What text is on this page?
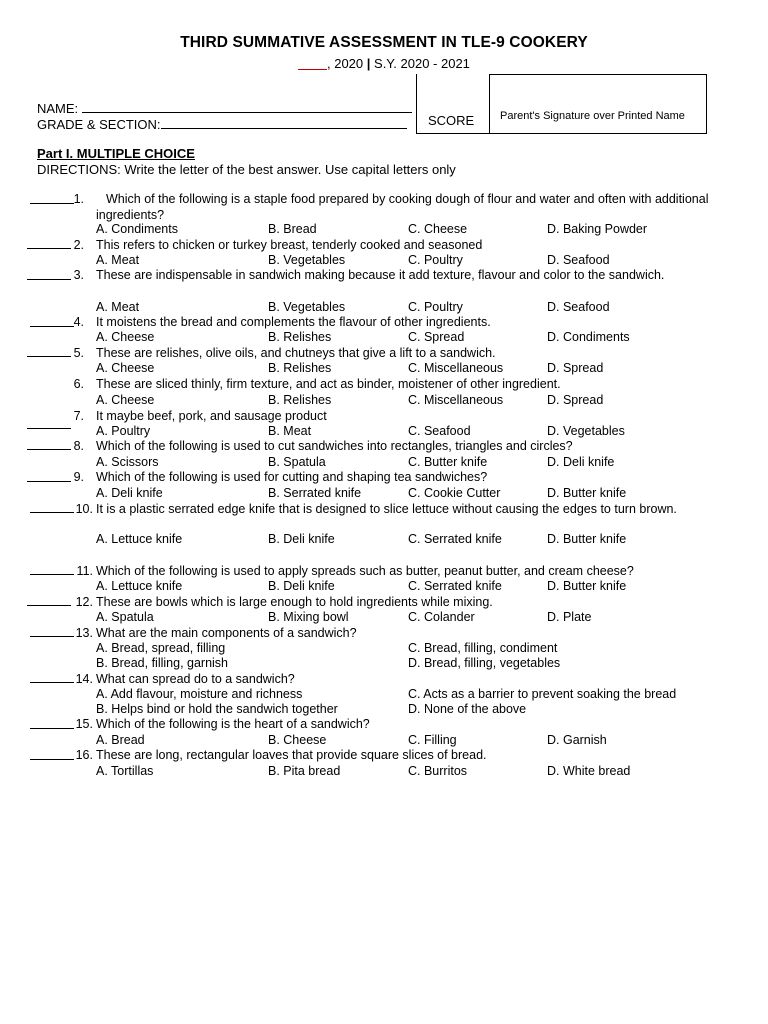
THIRD SUMMATIVE ASSESSMENT IN TLE-9 COOKERY
____, 2020 | S.Y. 2020 - 2021
NAME:
GRADE & SECTION:	SCORE Parent's Signature over Printed Name
Part I. MULTIPLE CHOICE
DIRECTIONS: Write the letter of the best answer. Use capital letters only
1.	Which of the following is a staple food prepared by cooking dough of flour and water and often with additional ingredients?
A. Condiments	B. Bread	C. Cheese	D. Baking Powder
2. This refers to chicken or turkey breast, tenderly cooked and seasoned
A. Meat	B. Vegetables	C. Poultry	D. Seafood
3. These are indispensable in sandwich making because it add texture, flavour and color to the sandwich.
A. Meat	B. Vegetables	C. Poultry	D. Seafood
4. It moistens the bread and complements the flavour of other ingredients.
A. Cheese	B. Relishes	C. Spread	D. Condiments
5. These are relishes, olive oils, and chutneys that give a lift to a sandwich.
A. Cheese	B. Relishes	C. Miscellaneous	D. Spread
6. These are sliced thinly, firm texture, and act as binder, moistener of other ingredient.
A. Cheese	B. Relishes	C. Miscellaneous	D. Spread
7. It maybe beef, pork, and sausage product
A. Poultry	B. Meat	C. Seafood	D. Vegetables
8. Which of the following is used to cut sandwiches into rectangles, triangles and circles?
A. Scissors	B. Spatula	C. Butter knife	D. Deli knife
9. Which of the following is used for cutting and shaping tea sandwiches?
A. Deli knife	B. Serrated knife	C. Cookie Cutter	D. Butter knife
10. It is a plastic serrated edge knife that is designed to slice lettuce without causing the edges to turn brown.
A. Lettuce knife	B. Deli knife	C. Serrated knife	D. Butter knife
11. Which of the following is used to apply spreads such as butter, peanut butter, and cream cheese?
A. Lettuce knife	B. Deli knife	C. Serrated knife	D. Butter knife
12. These are bowls which is large enough to hold ingredients while mixing.
A. Spatula	B. Mixing bowl	C. Colander	D. Plate
13. What are the main components of a sandwich?
A. Bread, spread, filling	C. Bread, filling, condiment
B. Bread, filling, garnish	D. Bread, filling, vegetables
14. What can spread do to a sandwich?
A. Add flavour, moisture and richness	C. Acts as a barrier to prevent soaking the bread
B. Helps bind or hold the sandwich together	D. None of the above
15. Which of the following is the heart of a sandwich?
A. Bread	B. Cheese	C. Filling	D. Garnish
16. These are long, rectangular loaves that provide square slices of bread.
A. Tortillas	B. Pita bread	C. Burritos	D. White bread
